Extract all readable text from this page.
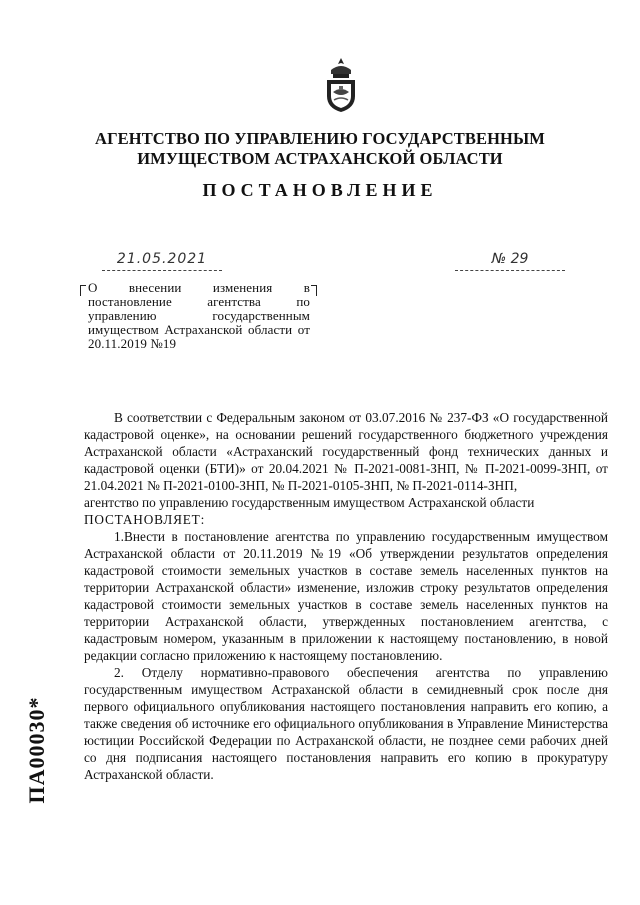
АГЕНТСТВО ПО УПРАВЛЕНИЮ ГОСУДАРСТВЕННЫМ
ИМУЩЕСТВОМ АСТРАХАНСКОЙ ОБЛАСТИ
ПОСТАНОВЛЕНИЕ
21.05.2021	№ 29
О внесении изменения в постановление агентства по управлению государственным имуществом Астраханской области от 20.11.2019 №19

В соответствии с Федеральным законом от 03.07.2016 № 237-ФЗ «О государственной кадастровой оценке», на основании решений государственного бюджетного учреждения Астраханской области «Астраханский государственный фонд технических данных и кадастровой оценки (БТИ)» от 20.04.2021 № П-2021-0081-ЗНП, № П-2021-0099-ЗНП, от 21.04.2021 № П-2021-0100-ЗНП, № П-2021-0105-ЗНП, № П-2021-0114-ЗНП,

агентство по управлению государственным имуществом Астраханской области

ПОСТАНОВЛЯЕТ:

1.Внести в постановление агентства по управлению государственным имуществом Астраханской области от 20.11.2019 №19 «Об утверждении результатов определения кадастровой стоимости земельных участков в составе земель населенных пунктов на территории Астраханской области» изменение, изложив строку результатов определения кадастровой стоимости земельных участков в составе земель населенных пунктов на территории Астраханской области, утвержденных постановлением агентства, с кадастровым номером, указанным в приложении к настоящему постановлению, в новой редакции согласно приложению к настоящему постановлению.

2. Отделу нормативно-правового обеспечения агентства по управлению государственным имуществом Астраханской области в семидневный срок после дня первого официального опубликования настоящего постановления направить его копию, а также сведения об источнике его официального опубликования в Управление Министерства юстиции Российской Федерации по Астраханской области, не позднее семи рабочих дней со дня подписания настоящего постановления направить его копию в прокуратуру Астраханской области.

ПА00030*
